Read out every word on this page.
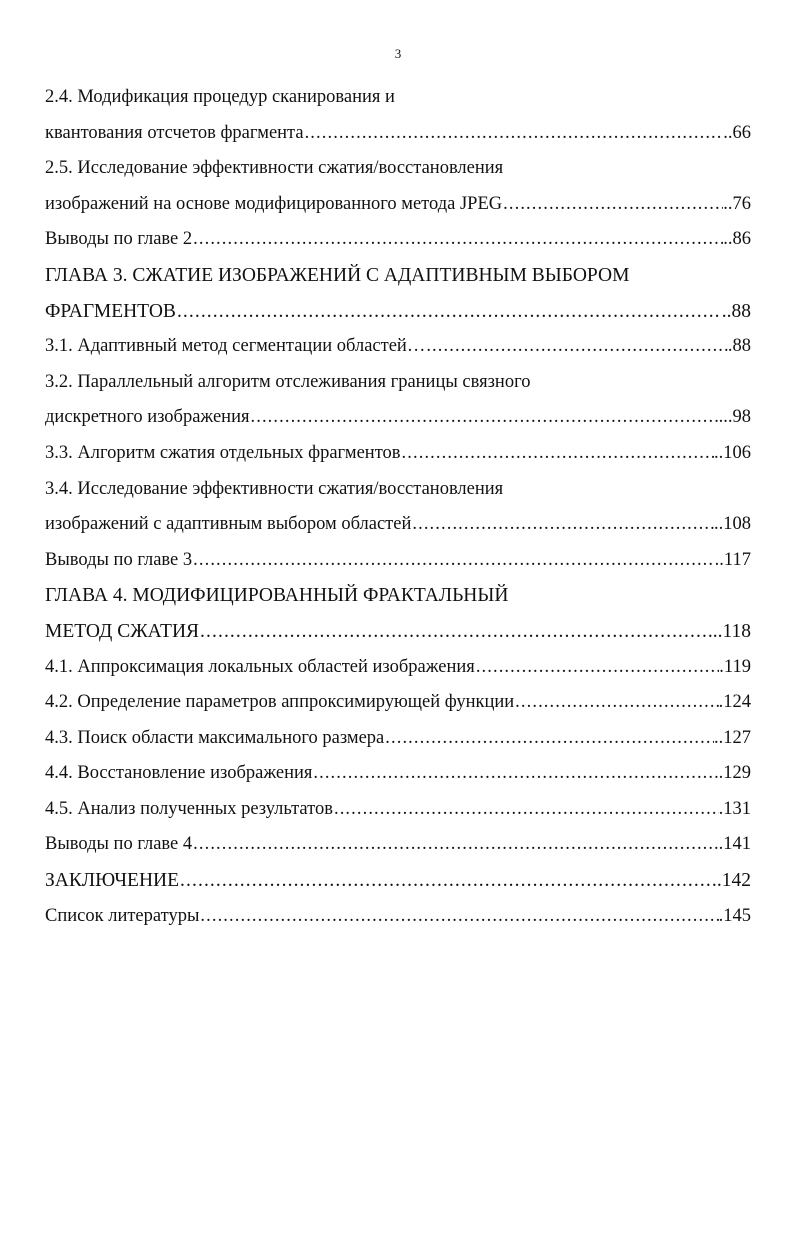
3
2.4. Модификация процедур сканирования и
квантования отсчетов фрагмента .....	..66
2.5. Исследование эффективности сжатия/восстановления
изображений на основе модифицированного метода JPEG .....	..76
Выводы по главе 2 .....	..86
ГЛАВА 3. СЖАТИЕ ИЗОБРАЖЕНИЙ С АДАПТИВНЫМ ВЫБОРОМ
ФРАГМЕНТОВ .....	..88
3.1. Адаптивный метод сегментации областей… .....	.88
3.2. Параллельный алгоритм отслеживания границы связного
дискретного изображения .....	...98
3.3. Алгоритм сжатия отдельных фрагментов .....	..106
3.4. Исследование эффективности сжатия/восстановления
изображений с адаптивным выбором областей .....	..108
Выводы по главе 3 .....	..117
ГЛАВА 4. МОДИФИЦИРОВАННЫЙ ФРАКТАЛЬНЫЙ
МЕТОД СЖАТИЯ .....	..118
4.1. Аппроксимация локальных областей изображения .....	.119
4.2. Определение параметров аппроксимирующей функции .....	.124
4.3. Поиск области максимального размера .....	..127
4.4. Восстановление изображения .....	.129
4.5. Анализ полученных результатов .....	.131
Выводы по главе 4 .....	..141
ЗАКЛЮЧЕНИЕ .....	.142
Список литературы .....	.145
